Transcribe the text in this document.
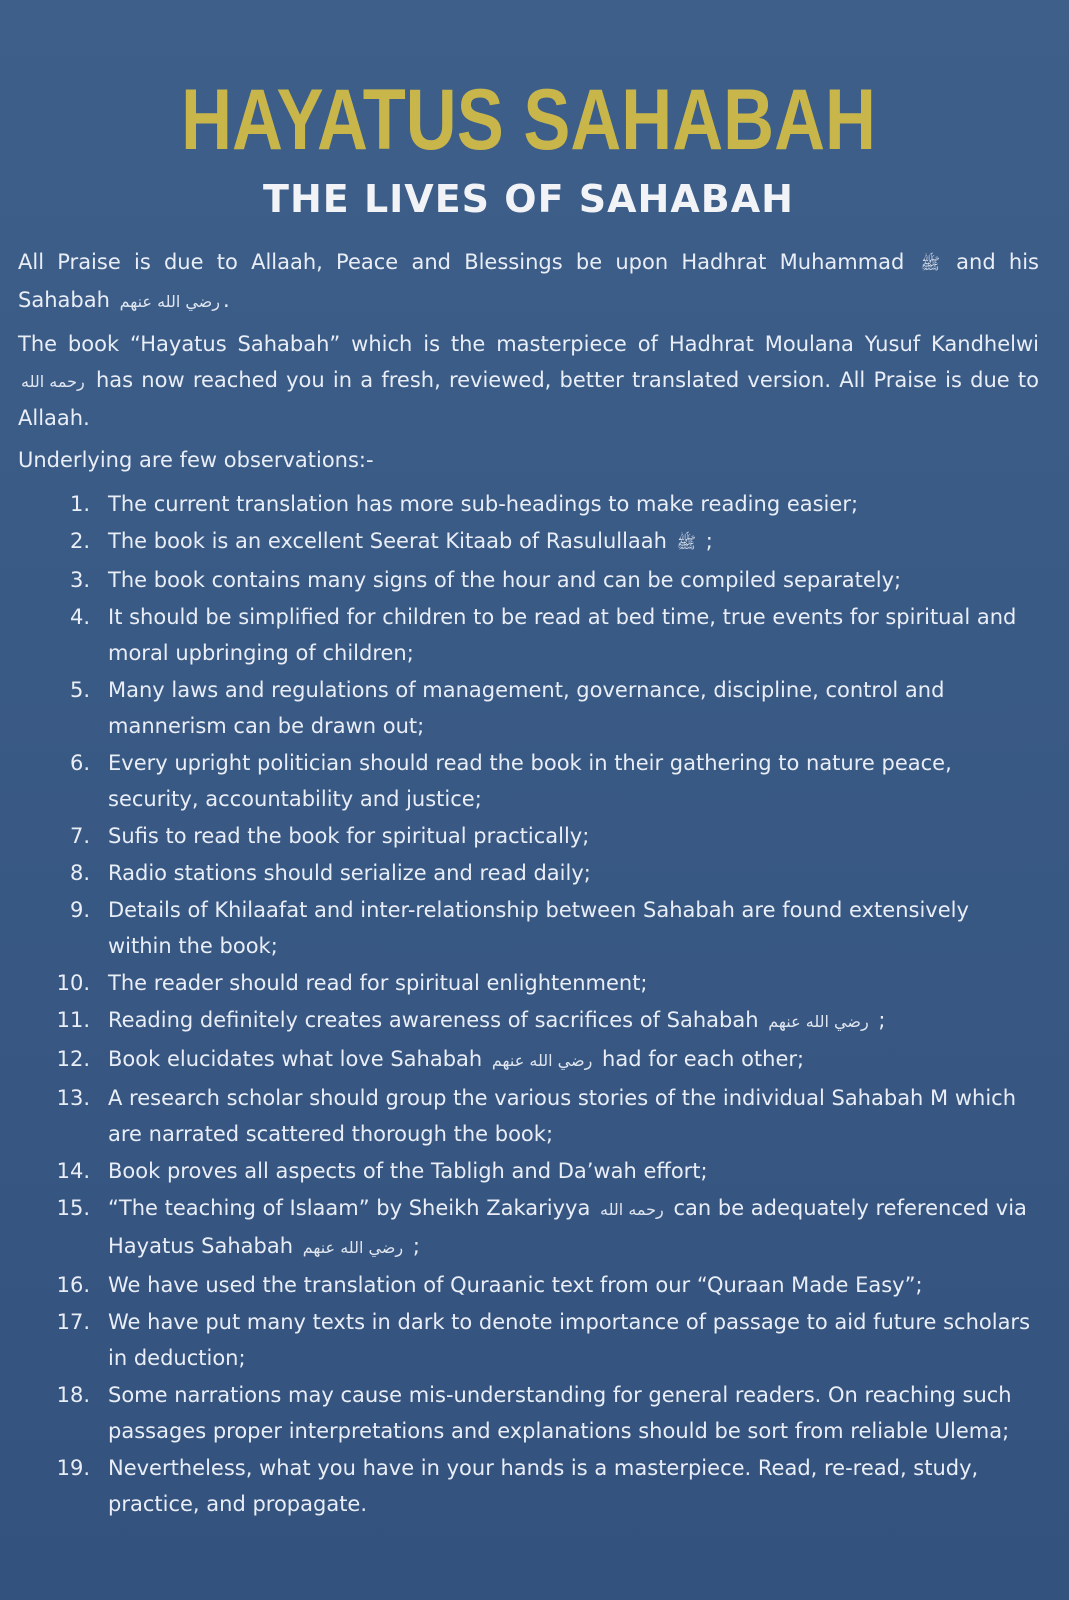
HAYATUS SAHABAH
THE LIVES OF SAHABAH

All Praise is due to Allaah, Peace and Blessings be upon Hadhrat Muhammad ﷺ and his Sahabah رضي الله عنهم .

The book “Hayatus Sahabah” which is the masterpiece of Hadhrat Moulana Yusuf Kandhelwi رحمه الله has now reached you in a fresh, reviewed, better translated version. All Praise is due to Allaah.

Underlying are few observations:-

1. The current translation has more sub-headings to make reading easier;
2. The book is an excellent Seerat Kitaab of Rasulullaah ﷺ ;
3. The book contains many signs of the hour and can be compiled separately;
4. It should be simplified for children to be read at bed time, true events for spiritual and moral upbringing of children;
5. Many laws and regulations of management, governance, discipline, control and mannerism can be drawn out;
6. Every upright politician should read the book in their gathering to nature peace, security, accountability and justice;
7. Sufis to read the book for spiritual practically;
8. Radio stations should serialize and read daily;
9. Details of Khilaafat and inter-relationship between Sahabah are found extensively within the book;
10. The reader should read for spiritual enlightenment;
11. Reading definitely creates awareness of sacrifices of Sahabah رضي الله عنهم ;
12. Book elucidates what love Sahabah رضي الله عنهم had for each other;
13. A research scholar should group the various stories of the individual Sahabah M which are narrated scattered thorough the book;
14. Book proves all aspects of the Tabligh and Da’wah effort;
15. “The teaching of Islaam” by Sheikh Zakariyya رحمه الله can be adequately referenced via Hayatus Sahabah رضي الله عنهم ;
16. We have used the translation of Quraanic text from our “Quraan Made Easy”;
17. We have put many texts in dark to denote importance of passage to aid future scholars in deduction;
18. Some narrations may cause mis-understanding for general readers. On reaching such passages proper interpretations and explanations should be sort from reliable Ulema;
19. Nevertheless, what you have in your hands is a masterpiece. Read, re-read, study, practice, and propagate.
